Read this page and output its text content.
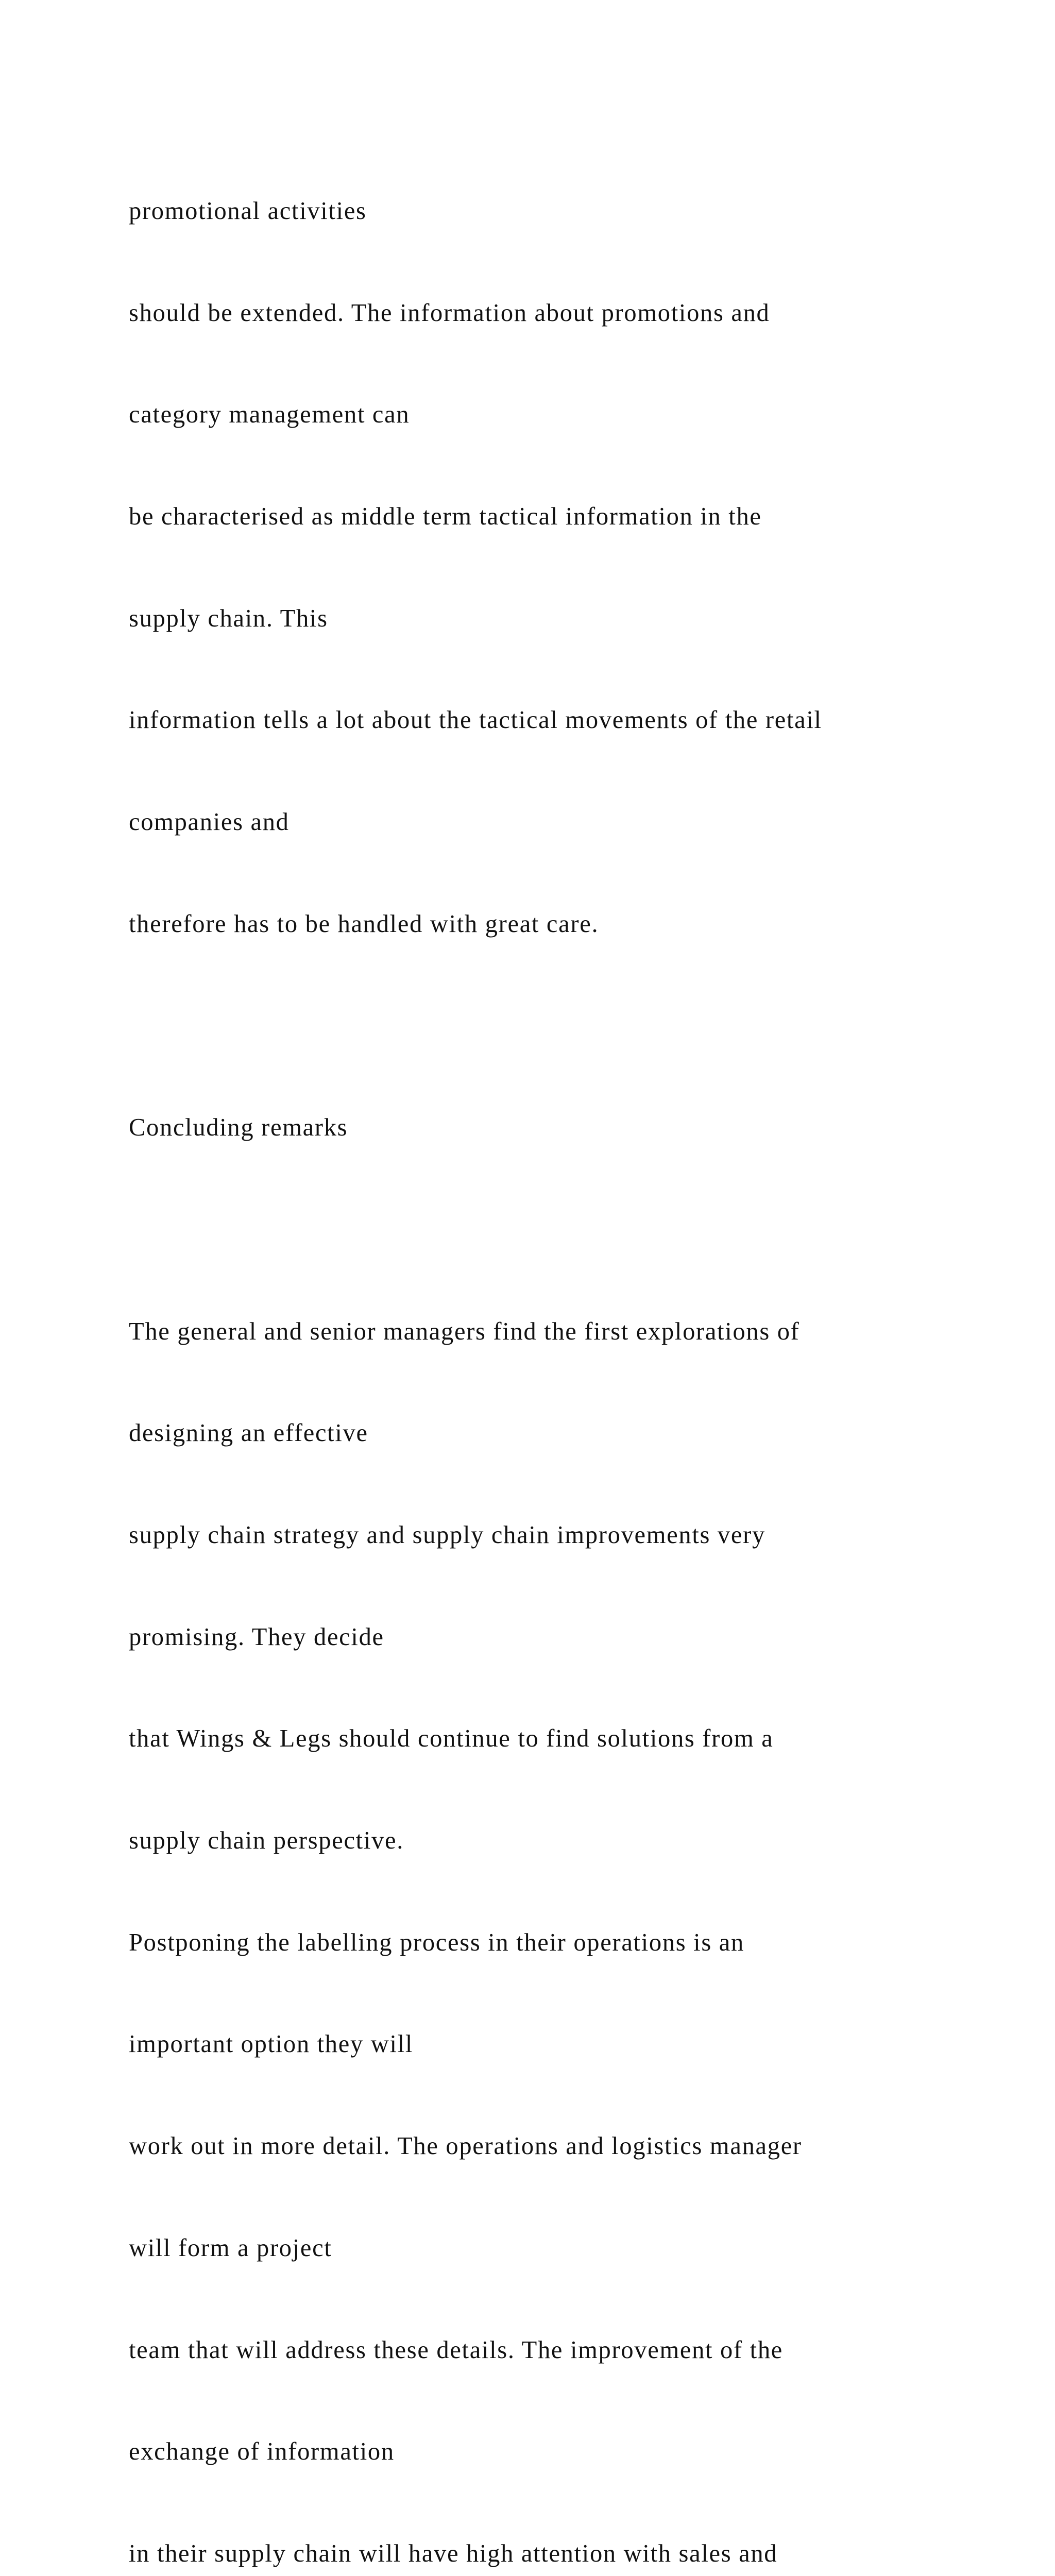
promotional activities

should be extended. The information about promotions and

category management can

be characterised as middle term tactical information in the

supply chain. This

information tells a lot about the tactical movements of the retail

companies and

therefore has to be handled with great care.

Concluding remarks

The general and senior managers find the first explorations of

designing an effective

supply chain strategy and supply chain improvements very

promising. They decide

that Wings & Legs should continue to find solutions from a

supply chain perspective.

Postponing the labelling process in their operations is an

important option they will

work out in more detail. The operations and logistics manager

will form a project

team that will address these details. The improvement of the

exchange of information

in their supply chain will have high attention with sales and
